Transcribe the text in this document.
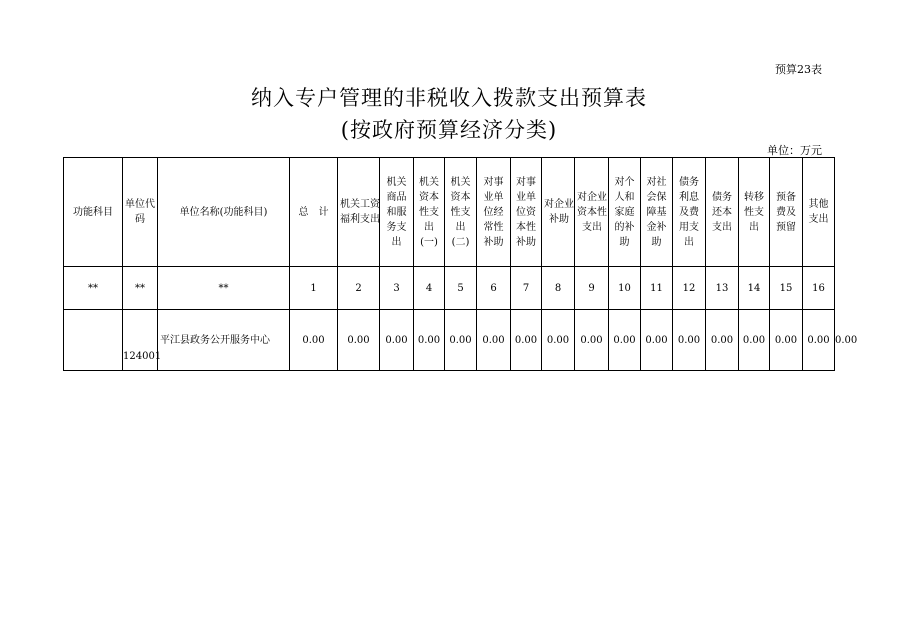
预算23表
纳入专户管理的非税收入拨款支出预算表
(按政府预算经济分类)
单位：万元
功能科目	单位代码	单位名称(功能科目)	总　计	机关工资福利支出	机关商品和服务支出	机关资本性支出(一)	机关资本性支出(二)	对事业单位经常性补助	对事业单位资本性补助	对企业补助	对企业资本性支出	对个人和家庭的补助	对社会保障基金补助	债务利息及费用支出	债务还本支出	转移性支出	预备费及预留	其他支出	
**	**	**	1	2	3	4	5	6	7	8	9	10	11	12	13	14	15	16	
	124001	平江县政务公开服务中心	0.00	0.00	0.00	0.00	0.00	0.00	0.00	0.00	0.00	0.00	0.00	0.00	0.00	0.00	0.00	0.00	0.00
